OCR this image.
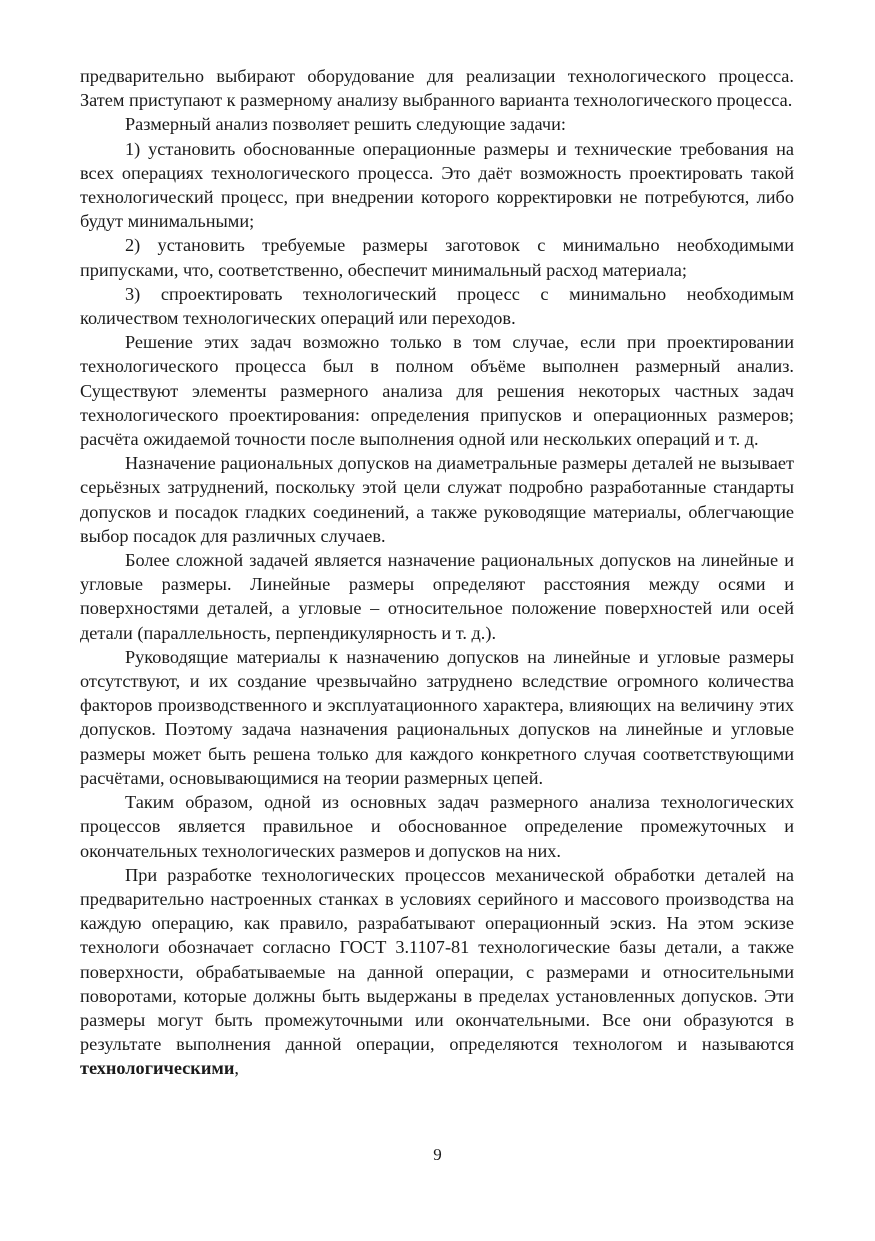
предварительно выбирают оборудование для реализации технологического процесса. Затем приступают к размерному анализу выбранного варианта технологического процесса.

Размерный анализ позволяет решить следующие задачи:

1) установить обоснованные операционные размеры и технические требования на всех операциях технологического процесса. Это даёт возможность проектировать такой технологический процесс, при внедрении которого корректировки не потребуются, либо будут минимальными;

2) установить требуемые размеры заготовок с минимально необходимыми припусками, что, соответственно, обеспечит минимальный расход материала;

3) спроектировать технологический процесс с минимально необходимым количеством технологических операций или переходов.

Решение этих задач возможно только в том случае, если при проектировании технологического процесса был в полном объёме выполнен размерный анализ. Существуют элементы размерного анализа для решения некоторых частных задач технологического проектирования: определения припусков и операционных размеров; расчёта ожидаемой точности после выполнения одной или нескольких операций и т. д.

Назначение рациональных допусков на диаметральные размеры деталей не вызывает серьёзных затруднений, поскольку этой цели служат подробно разработанные стандарты допусков и посадок гладких соединений, а также руководящие материалы, облегчающие выбор посадок для различных случаев.

Более сложной задачей является назначение рациональных допусков на линейные и угловые размеры. Линейные размеры определяют расстояния между осями и поверхностями деталей, а угловые – относительное положение поверхностей или осей детали (параллельность, перпендикулярность и т. д.).

Руководящие материалы к назначению допусков на линейные и угловые размеры отсутствуют, и их создание чрезвычайно затруднено вследствие огромного количества факторов производственного и эксплуатационного характера, влияющих на величину этих допусков. Поэтому задача назначения рациональных допусков на линейные и угловые размеры может быть решена только для каждого конкретного случая соответствующими расчётами, основывающимися на теории размерных цепей.

Таким образом, одной из основных задач размерного анализа технологических процессов является правильное и обоснованное определение промежуточных и окончательных технологических размеров и допусков на них.

При разработке технологических процессов механической обработки деталей на предварительно настроенных станках в условиях серийного и массового производства на каждую операцию, как правило, разрабатывают операционный эскиз. На этом эскизе технологи обозначает согласно ГОСТ 3.1107-81 технологические базы детали, а также поверхности, обрабатываемые на данной операции, с размерами и относительными поворотами, которые должны быть выдержаны в пределах установленных допусков. Эти размеры могут быть промежуточными или окончательными. Все они образуются в результате выполнения данной операции, определяются технологом и называются технологическими,

9
